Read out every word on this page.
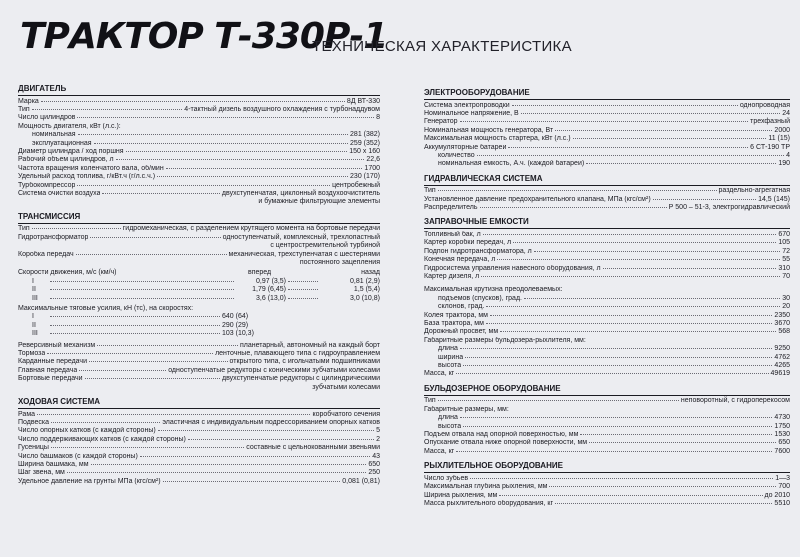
ТРАКТОР Т-330Р-1
ТЕХНИЧЕСКАЯ ХАРАКТЕРИСТИКА
ДВИГАТЕЛЬ
Марка	8Д ВТ-330
Тип	4-тактный дизель воздушного охлаждения с турбонаддувом
Число цилиндров	8
Мощность двигателя, кВт (л.с.):
номинальная	281 (382)
эксплуатационная	259 (352)
Диаметр цилиндра / ход поршня	150 х 160
Рабочий объем цилиндров, л	22,6
Частота вращения коленчатого вала, об/мин	1700
Удельный расход топлива, г/кВт.ч (г/л.с.ч.)	230 (170)
Турбокомпрессор	центробежный
Система очистки воздуха	двухступенчатая, циклонный воздухоочиститель
и бумажные фильтрующие элементы
ТРАНСМИССИЯ
Тип	гидромеханическая, с разделением крутящего момента на бортовые передачи
Гидротрансформатор	одноступенчатый, комплексный, трехлопастный
с центростремительной турбиной
Коробка передач	механическая, трехступенчатая с шестернями
постоянного зацепления
Скорости движения, м/с (км/ч)	вперед	назад
I	0,97 (3,5)	0,81 (2,9)
II	1,79 (6,45)	1,5 (5,4)
III	3,6 (13,0)	3,0 (10,8)
Максимальные тяговые усилия, кН (тс), на скоростях:
I	640 (64)
II	290 (29)
III	103 (10,3)
Реверсивный механизм	планетарный, автономный на каждый борт
Тормоза	ленточные, плавающего типа с гидроуправлением
Карданные передачи	открытого типа, с игольчатыми подшипниками
Главная передача	одноступенчатые редукторы с коническими зубчатыми колесами
Бортовые передачи	двухступенчатые редукторы с цилиндрическими
зубчатыми колесами
ХОДОВАЯ СИСТЕМА
Рама	коробчатого сечения
Подвеска	эластичная с индивидуальным подрессориванием опорных катков
Число опорных катков (с каждой стороны)	5
Число поддерживающих катков (с каждой стороны)	2
Гусеницы	составные с цельнокованными звеньями
Число башмаков (с каждой стороны)	43
Ширина башмака, мм	650
Шаг звена, мм	250
Удельное давление на грунты МПа (кгс/см²)	0,081 (0,81)
ЭЛЕКТРООБОРУДОВАНИЕ
Система электропроводки	однопроводная
Номинальное напряжение, В	24
Генератор	трехфазный
Номинальная мощность генератора, Вт	2000
Максимальная мощность стартера, кВт (л.с.)	11 (15)
Аккумуляторные батареи	6 СТ-190 ТР
количество	4
номинальная емкость, А.ч. (каждой батареи)	190
ГИДРАВЛИЧЕСКАЯ СИСТЕМА
Тип	раздельно-агрегатная
Установленное давление предохранительного клапана, МПа (кгс/см²)	14,5 (145)
Распределитель	Р 500 – 51-3, электрогидравлический
ЗАПРАВОЧНЫЕ ЕМКОСТИ
Топливный бак, л	670
Картер коробки передач, л	105
Подпон гидротрансформатора, л	72
Конечная передача, л	55
Гидросистема управления навесного оборудования, л	310
Картер дизеля, л	70
Максимальная крутизна преодолеваемых:
подъемов (спусков), град.	30
склонов, град.	20
Колея трактора, мм	2350
База трактора, мм	3670
Дорожный просвет, мм	568
Габаритные размеры бульдозера-рыхлителя, мм:
длина	9250
ширина	4762
высота	4265
Масса, кг	49619
БУЛЬДОЗЕРНОЕ ОБОРУДОВАНИЕ
Тип	неповоротный, с гидроперекосом
Габаритные размеры, мм:
длина	4730
высота	1750
Подъем отвала над опорной поверхностью, мм	1530
Опускание отвала ниже опорной поверхности, мм	650
Масса, кг	7600
РЫХЛИТЕЛЬНОЕ ОБОРУДОВАНИЕ
Число зубьев	1—3
Максимальная глубина рыхления, мм	700
Ширина рыхления, мм	до 2010
Масса рыхлительного оборудования, кг	5510
